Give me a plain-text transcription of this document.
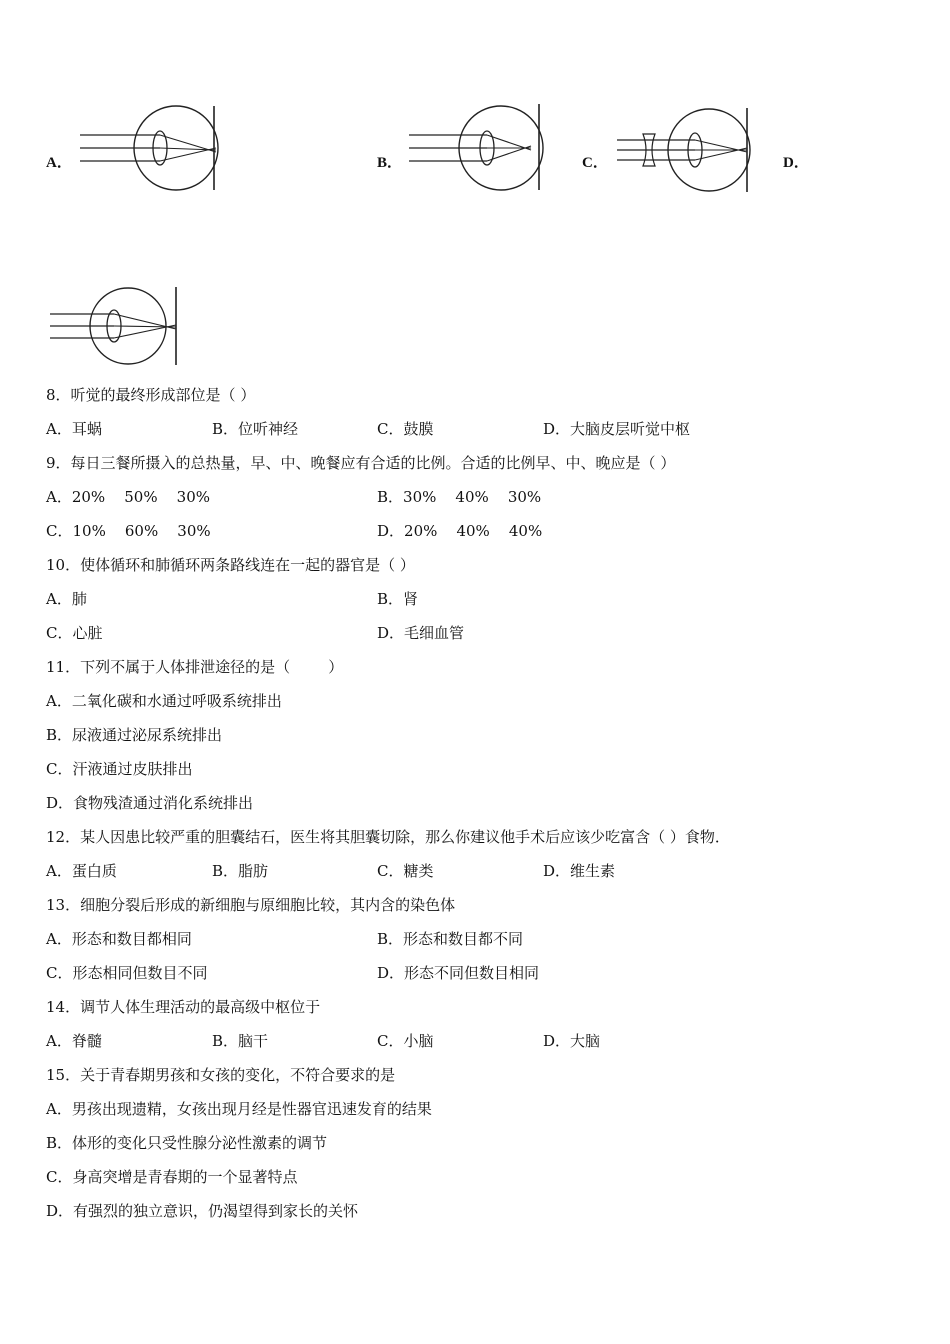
A．	B．	C．	D．
8．听觉的最终形成部位是（ ）
A．耳蜗	B．位听神经	C．鼓膜	D．大脑皮层听觉中枢
9．每日三餐所摄入的总热量，早、中、晚餐应有合适的比例。合适的比例早、中、晚应是（ ）
A．20%    50%    30%	B．30%    40%    30%
C．10%    60%    30%	D．20%    40%    40%
10．使体循环和肺循环两条路线连在一起的器官是（ ）
A．肺	B．肾
C．心脏	D．毛细血管
11．下列不属于人体排泄途径的是（        ）
A．二氧化碳和水通过呼吸系统排出
B．尿液通过泌尿系统排出
C．汗液通过皮肤排出
D．食物残渣通过消化系统排出
12．某人因患比较严重的胆囊结石，医生将其胆囊切除，那么你建议他手术后应该少吃富含（ ）食物．
A．蛋白质	B．脂肪	C．糖类	D．维生素
13．细胞分裂后形成的新细胞与原细胞比较，其内含的染色体
A．形态和数目都相同	B．形态和数目都不同
C．形态相同但数目不同	D．形态不同但数目相同
14．调节人体生理活动的最高级中枢位于
A．脊髓	B．脑干	C．小脑	D．大脑
15．关于青春期男孩和女孩的变化，不符合要求的是
A．男孩出现遗精，女孩出现月经是性器官迅速发育的结果
B．体形的变化只受性腺分泌性激素的调节
C．身高突增是青春期的一个显著特点
D．有强烈的独立意识，仍渴望得到家长的关怀
